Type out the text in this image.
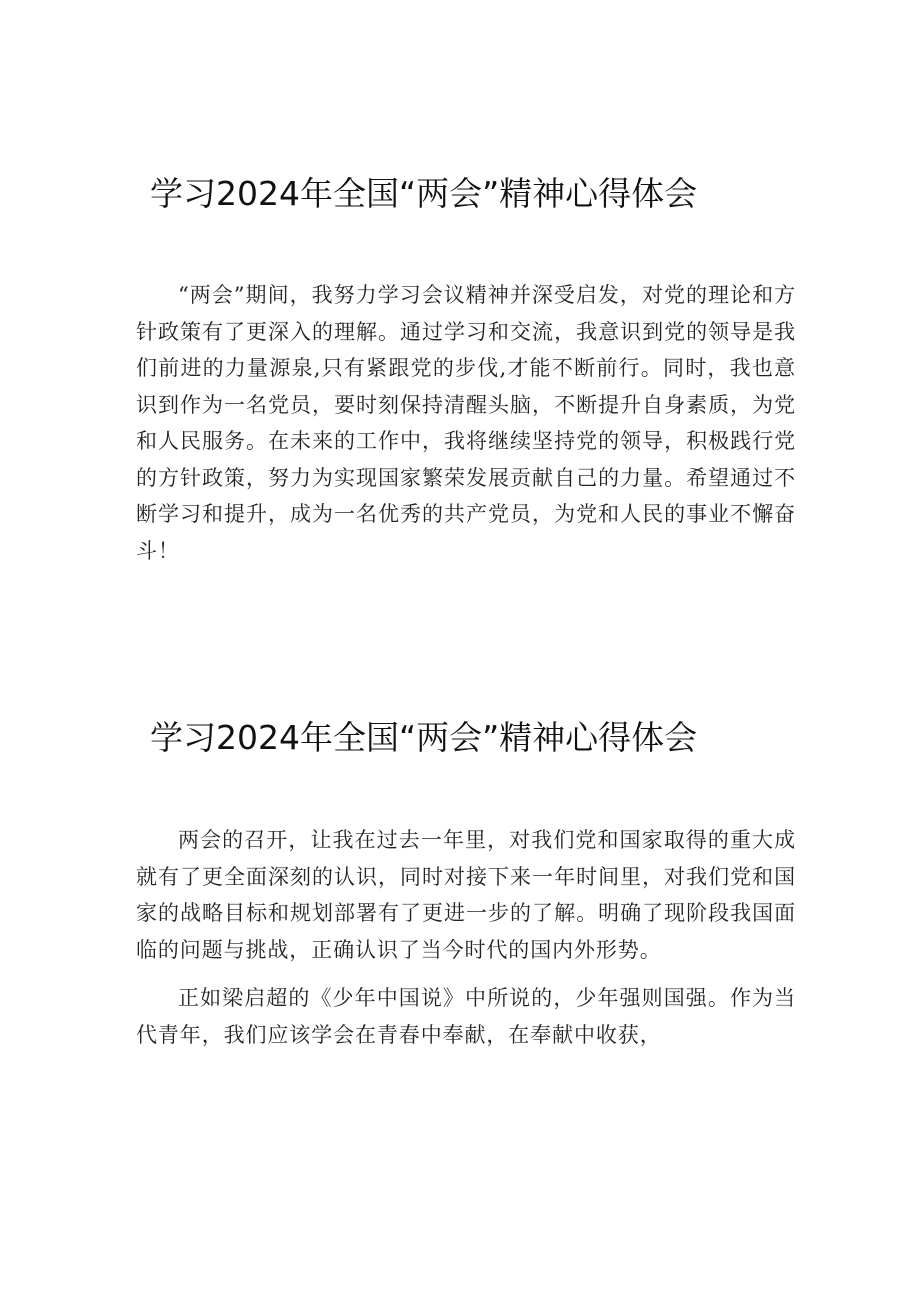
学习2024年全国“两会”精神心得体会

“两会”期间，我努力学习会议精神并深受启发，对党的理论和方针政策有了更深入的理解。通过学习和交流，我意识到党的领导是我们前进的力量源泉,只有紧跟党的步伐,才能不断前行。同时，我也意识到作为一名党员，要时刻保持清醒头脑，不断提升自身素质，为党和人民服务。在未来的工作中，我将继续坚持党的领导，积极践行党的方针政策，努力为实现国家繁荣发展贡献自己的力量。希望通过不断学习和提升，成为一名优秀的共产党员，为党和人民的事业不懈奋斗！

学习2024年全国“两会”精神心得体会

两会的召开，让我在过去一年里，对我们党和国家取得的重大成就有了更全面深刻的认识，同时对接下来一年时间里，对我们党和国家的战略目标和规划部署有了更进一步的了解。明确了现阶段我国面临的问题与挑战，正确认识了当今时代的国内外形势。

正如梁启超的《少年中国说》中所说的，少年强则国强。作为当代青年，我们应该学会在青春中奉献，在奉献中收获，
